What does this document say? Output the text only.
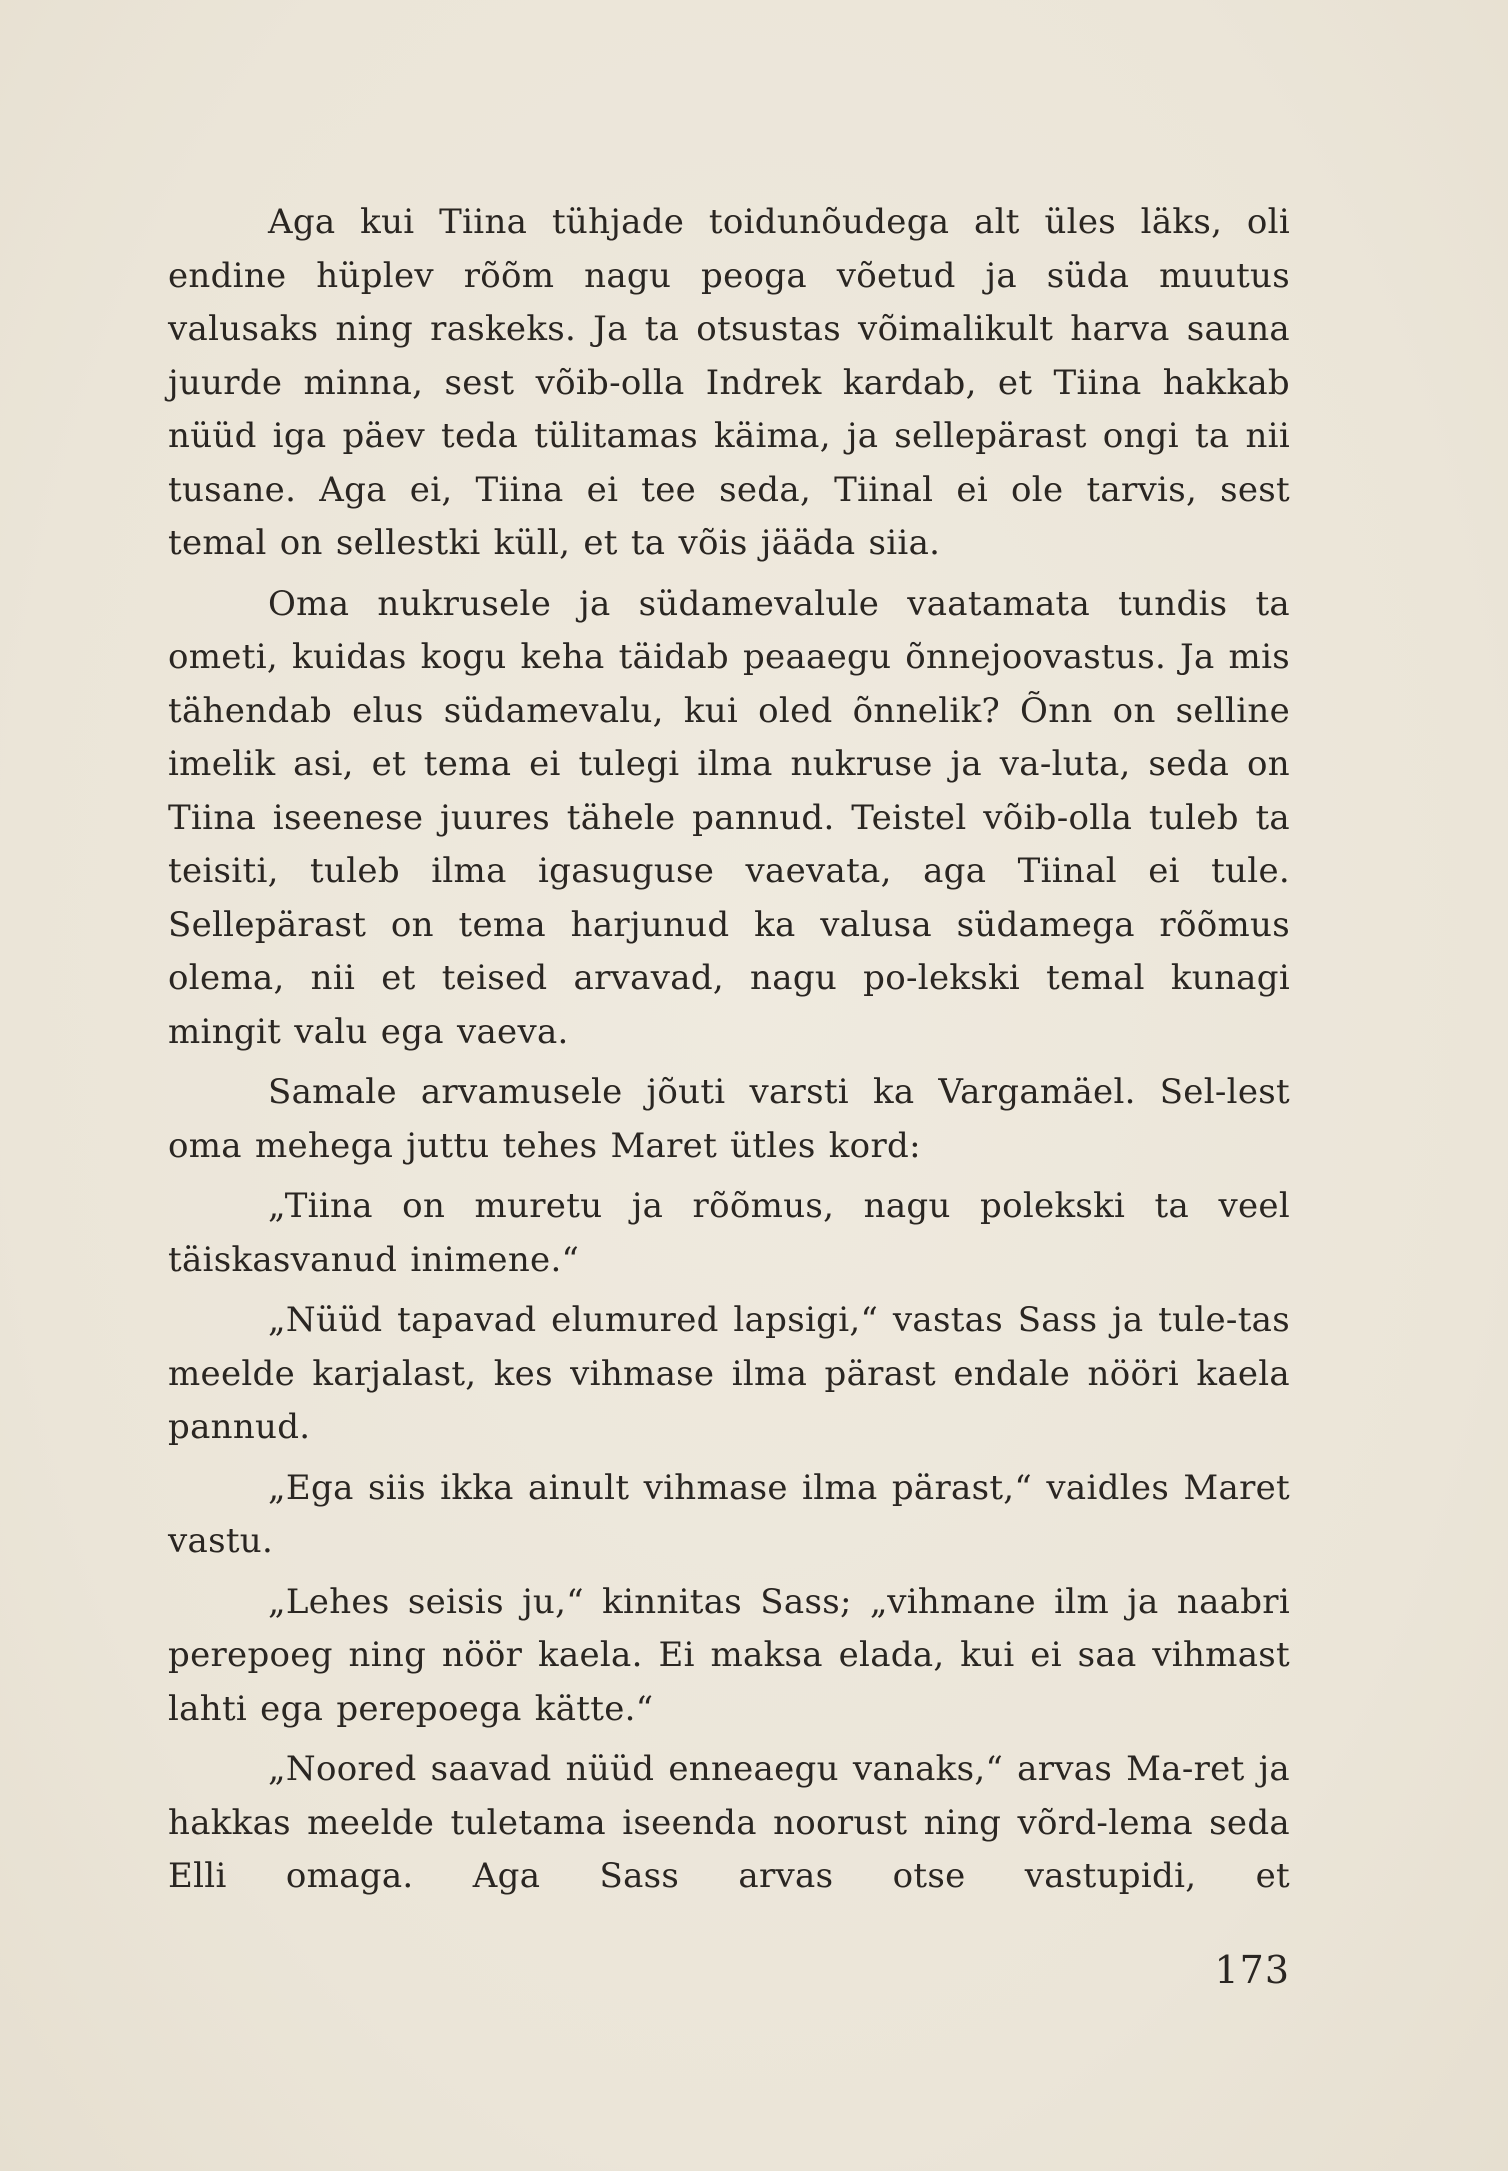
Aga kui Tiina tühjade toidunõudega alt üles läks, oli endine hüplev rõõm nagu peoga võetud ja süda muutus valusaks ning raskeks. Ja ta otsustas võimalikult harva sauna juurde minna, sest võib-olla Indrek kardab, et Tiina hakkab nüüd iga päev teda tülitamas käima, ja sellepärast ongi ta nii tusane. Aga ei, Tiina ei tee seda, Tiinal ei ole tarvis, sest temal on sellestki küll, et ta võis jääda siia.

Oma nukrusele ja südamevalule vaatamata tundis ta ometi, kuidas kogu keha täidab peaaegu õnnejoovastus. Ja mis tähendab elus südamevalu, kui oled õnnelik? Õnn on selline imelik asi, et tema ei tulegi ilma nukruse ja va-luta, seda on Tiina iseenese juures tähele pannud. Teistel võib-olla tuleb ta teisiti, tuleb ilma igasuguse vaevata, aga Tiinal ei tule. Sellepärast on tema harjunud ka valusa südamega rõõmus olema, nii et teised arvavad, nagu po-lekski temal kunagi mingit valu ega vaeva.

Samale arvamusele jõuti varsti ka Vargamäel. Sel-lest oma mehega juttu tehes Maret ütles kord:

„Tiina on muretu ja rõõmus, nagu polekski ta veel täiskasvanud inimene.“

„Nüüd tapavad elumured lapsigi,“ vastas Sass ja tule-tas meelde karjalast, kes vihmase ilma pärast endale nööri kaela pannud.

„Ega siis ikka ainult vihmase ilma pärast,“ vaidles Maret vastu.

„Lehes seisis ju,“ kinnitas Sass; „vihmane ilm ja naabri perepoeg ning nöör kaela. Ei maksa elada, kui ei saa vihmast lahti ega perepoega kätte.“

„Noored saavad nüüd enneaegu vanaks,“ arvas Ma-ret ja hakkas meelde tuletama iseenda noorust ning võrd-lema seda Elli omaga. Aga Sass arvas otse vastupidi, et

173
